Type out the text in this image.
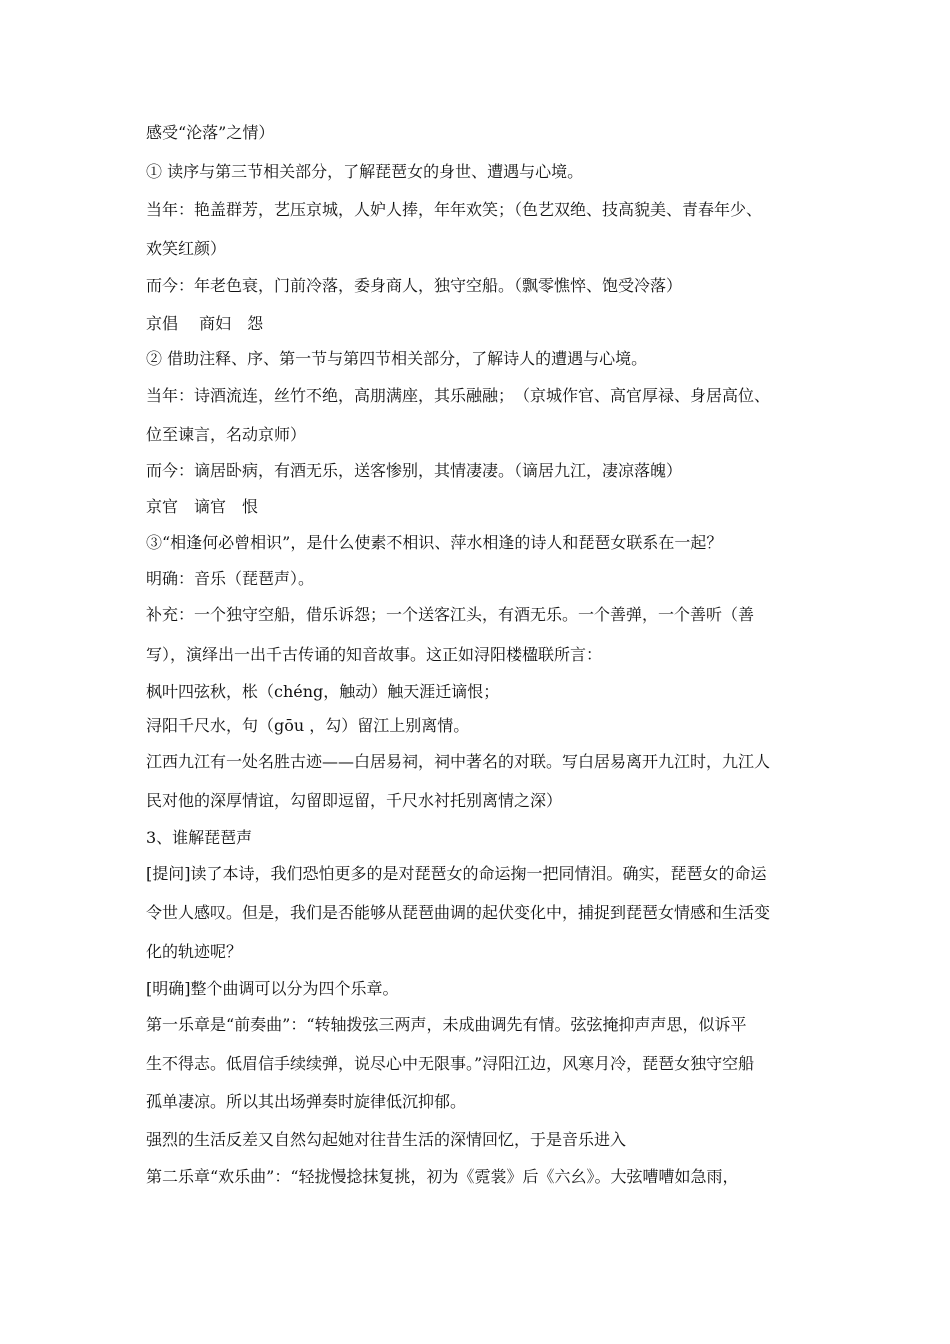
感受“沦落”之情）
① 读序与第三节相关部分，了解琵琶女的身世、遭遇与心境。
当年：艳盖群芳，艺压京城，人妒人捧，年年欢笑；（色艺双绝、技高貌美、青春年少、
欢笑红颜）
而今：年老色衰，门前冷落，委身商人，独守空船。（飘零憔悴、饱受冷落）
京倡　 商妇　怨
② 借助注释、序、第一节与第四节相关部分，了解诗人的遭遇与心境。
当年：诗酒流连，丝竹不绝，高朋满座，其乐融融；　（京城作官、高官厚禄、身居高位、
位至谏言，名动京师）
而今：谪居卧病，有酒无乐，送客惨别，其情凄凄。（谪居九江，凄凉落魄）
京官　谪官　恨
③“相逢何必曾相识”，是什么使素不相识、萍水相逢的诗人和琵琶女联系在一起？
明确：音乐（琵琶声）。
补充：一个独守空船，借乐诉怨；一个送客江头，有酒无乐。一个善弹，一个善听（善
写），演绎出一出千古传诵的知音故事。这正如浔阳楼楹联所言：
枫叶四弦秋，枨（chéng，触动）触天涯迁谪恨；
浔阳千尺水，句（gōu ，勾）留江上别离情。
江西九江有一处名胜古迹——白居易祠，祠中著名的对联。写白居易离开九江时，九江人
民对他的深厚情谊，勾留即逗留，千尺水衬托别离情之深）
3、谁解琵琶声
[提问]读了本诗，我们恐怕更多的是对琵琶女的命运掬一把同情泪。确实，琵琶女的命运
令世人感叹。但是，我们是否能够从琵琶曲调的起伏变化中，捕捉到琵琶女情感和生活变
化的轨迹呢？
[明确]整个曲调可以分为四个乐章。
第一乐章是“前奏曲”：“转轴拨弦三两声，未成曲调先有情。弦弦掩抑声声思，似诉平
生不得志。低眉信手续续弹，说尽心中无限事。”浔阳江边，风寒月冷，琵琶女独守空船
孤单凄凉。所以其出场弹奏时旋律低沉抑郁。
强烈的生活反差又自然勾起她对往昔生活的深情回忆，于是音乐进入
第二乐章“欢乐曲”：“轻拢慢捻抹复挑，初为《霓裳》后《六幺》。大弦嘈嘈如急雨，
